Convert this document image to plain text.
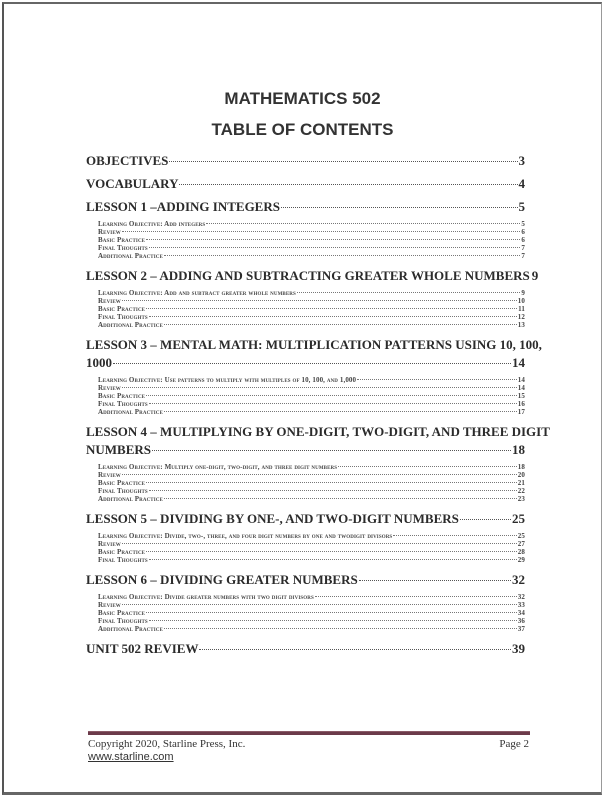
MATHEMATICS 502
TABLE OF CONTENTS
OBJECTIVES	3
VOCABULARY	4
LESSON 1 –ADDING INTEGERS	5
Learning Objective: Add integers	5
Review	6
Basic Practice	6
Final Thoughts	7
Additional Practice	7
LESSON 2 – ADDING AND SUBTRACTING GREATER WHOLE NUMBERS 9
Learning Objective: Add and subtract greater whole numbers	9
Review	10
Basic Practice	11
Final Thoughts	12
Additional Practice	13
LESSON 3 – MENTAL MATH: MULTIPLICATION PATTERNS USING 10, 100,
1000	14
Learning Objective: Use patterns to multiply with multiples of 10, 100, and 1,000	14
Review	14
Basic Practice	15
Final Thoughts	16
Additional Practice	17
LESSON 4 – MULTIPLYING BY ONE-DIGIT, TWO-DIGIT, AND THREE DIGIT
NUMBERS	18
Learning Objective: Multiply one-digit, two-digit, and three digit numbers	18
Review	20
Basic Practice	21
Final Thoughts	22
Additional Practice	23
LESSON 5 – DIVIDING BY ONE-, AND TWO-DIGIT NUMBERS	25
Learning Objective: Divide, two-, three, and four digit numbers by one and twodigit divisors	25
Review	27
Basic Practice	28
Final Thoughts	29
LESSON 6 – DIVIDING GREATER NUMBERS	32
Learning Objective: Divide greater numbers with two digit divisors	32
Review	33
Basic Practice	34
Final Thoughts	36
Additional Practice	37
UNIT 502 REVIEW	39
Copyright 2020, Starline Press, Inc.
www.starline.com
Page 2
